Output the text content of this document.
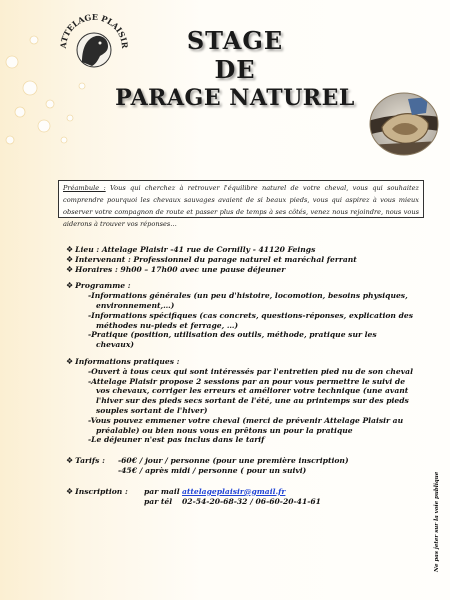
ATTELAGE PLAISIR	STAGE
DE
PARAGE NATUREL
Préambule : Vous qui cherchez à retrouver l'équilibre naturel de votre cheval, vous qui souhaitez comprendre pourquoi les chevaux sauvages avaient de si beaux pieds, vous qui aspirez à vous mieux observer votre compagnon de route et passer plus de temps à ses côtés, venez nous rejoindre, nous vous aiderons à trouver vos réponses…
❖ Lieu : Attelage Plaisir -41 rue de Cornilly - 41120 Feings
❖ Intervenant : Professionnel du parage naturel et maréchal ferrant
❖ Horaires : 9h00 – 17h00 avec une pause déjeuner
❖ Programme :
-Informations générales (un peu d'histoire, locomotion, besoins physiques, environnement,…)
-Informations spécifiques (cas concrets, questions-réponses, explication des méthodes nu-pieds et ferrage, …)
-Pratique (position, utilisation des outils, méthode, pratique sur les chevaux)
❖ Informations pratiques :
-Ouvert à tous ceux qui sont intéressés par l'entretien pied nu de son cheval
-Attelage Plaisir propose 2 sessions par an pour vous permettre le suivi de vos chevaux, corriger les erreurs et améliorer votre technique (une avant l'hiver sur des pieds secs sortant de l'été, une au printemps sur des pieds souples sortant de l'hiver)
-Vous pouvez emmener votre cheval (merci de prévenir Attelage Plaisir au préalable) ou bien nous vous en prêtons un pour la pratique
-Le déjeuner n'est pas inclus dans le tarif
❖ Tarifs :	-60€ / jour / personne (pour une première inscription)
-45€ / après midi / personne ( pour un suivi)
❖ Inscription :	par mail attelageplaisir@gmail.fr
par tél	02-54-20-68-32 / 06-60-20-41-61	Ne pas jeter sur la voie publique
